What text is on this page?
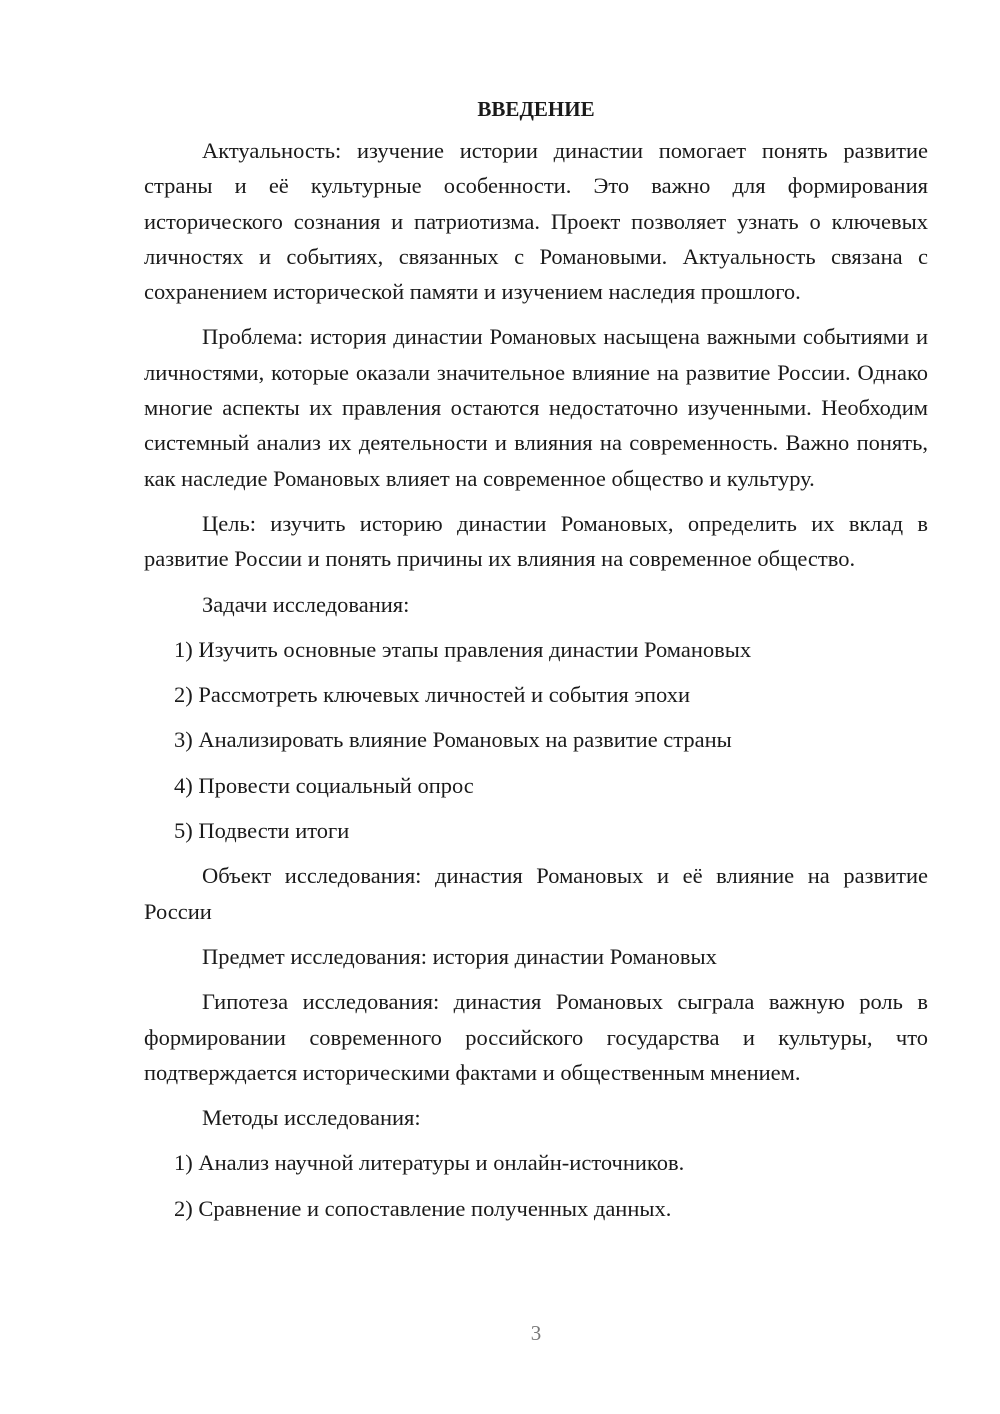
ВВЕДЕНИЕ

Актуальность: изучение истории династии помогает понять развитие страны и её культурные особенности. Это важно для формирования исторического сознания и патриотизма. Проект позволяет узнать о ключевых личностях и событиях, связанных с Романовыми. Актуальность связана с сохранением исторической памяти и изучением наследия прошлого.

Проблема: история династии Романовых насыщена важными событиями и личностями, которые оказали значительное влияние на развитие России. Однако многие аспекты их правления остаются недостаточно изученными. Необходим системный анализ их деятельности и влияния на современность. Важно понять, как наследие Романовых влияет на современное общество и культуру.

Цель: изучить историю династии Романовых, определить их вклад в развитие России и понять причины их влияния на современное общество.

Задачи исследования:

1) Изучить основные этапы правления династии Романовых

2) Рассмотреть ключевых личностей и события эпохи

3) Анализировать влияние Романовых на развитие страны

4) Провести социальный опрос

5) Подвести итоги

Объект исследования: династия Романовых и её влияние на развитие России

Предмет исследования: история династии Романовых

Гипотеза исследования: династия Романовых сыграла важную роль в формировании современного российского государства и культуры, что подтверждается историческими фактами и общественным мнением.

Методы исследования:

1) Анализ научной литературы и онлайн-источников.

2) Сравнение и сопоставление полученных данных.

3
